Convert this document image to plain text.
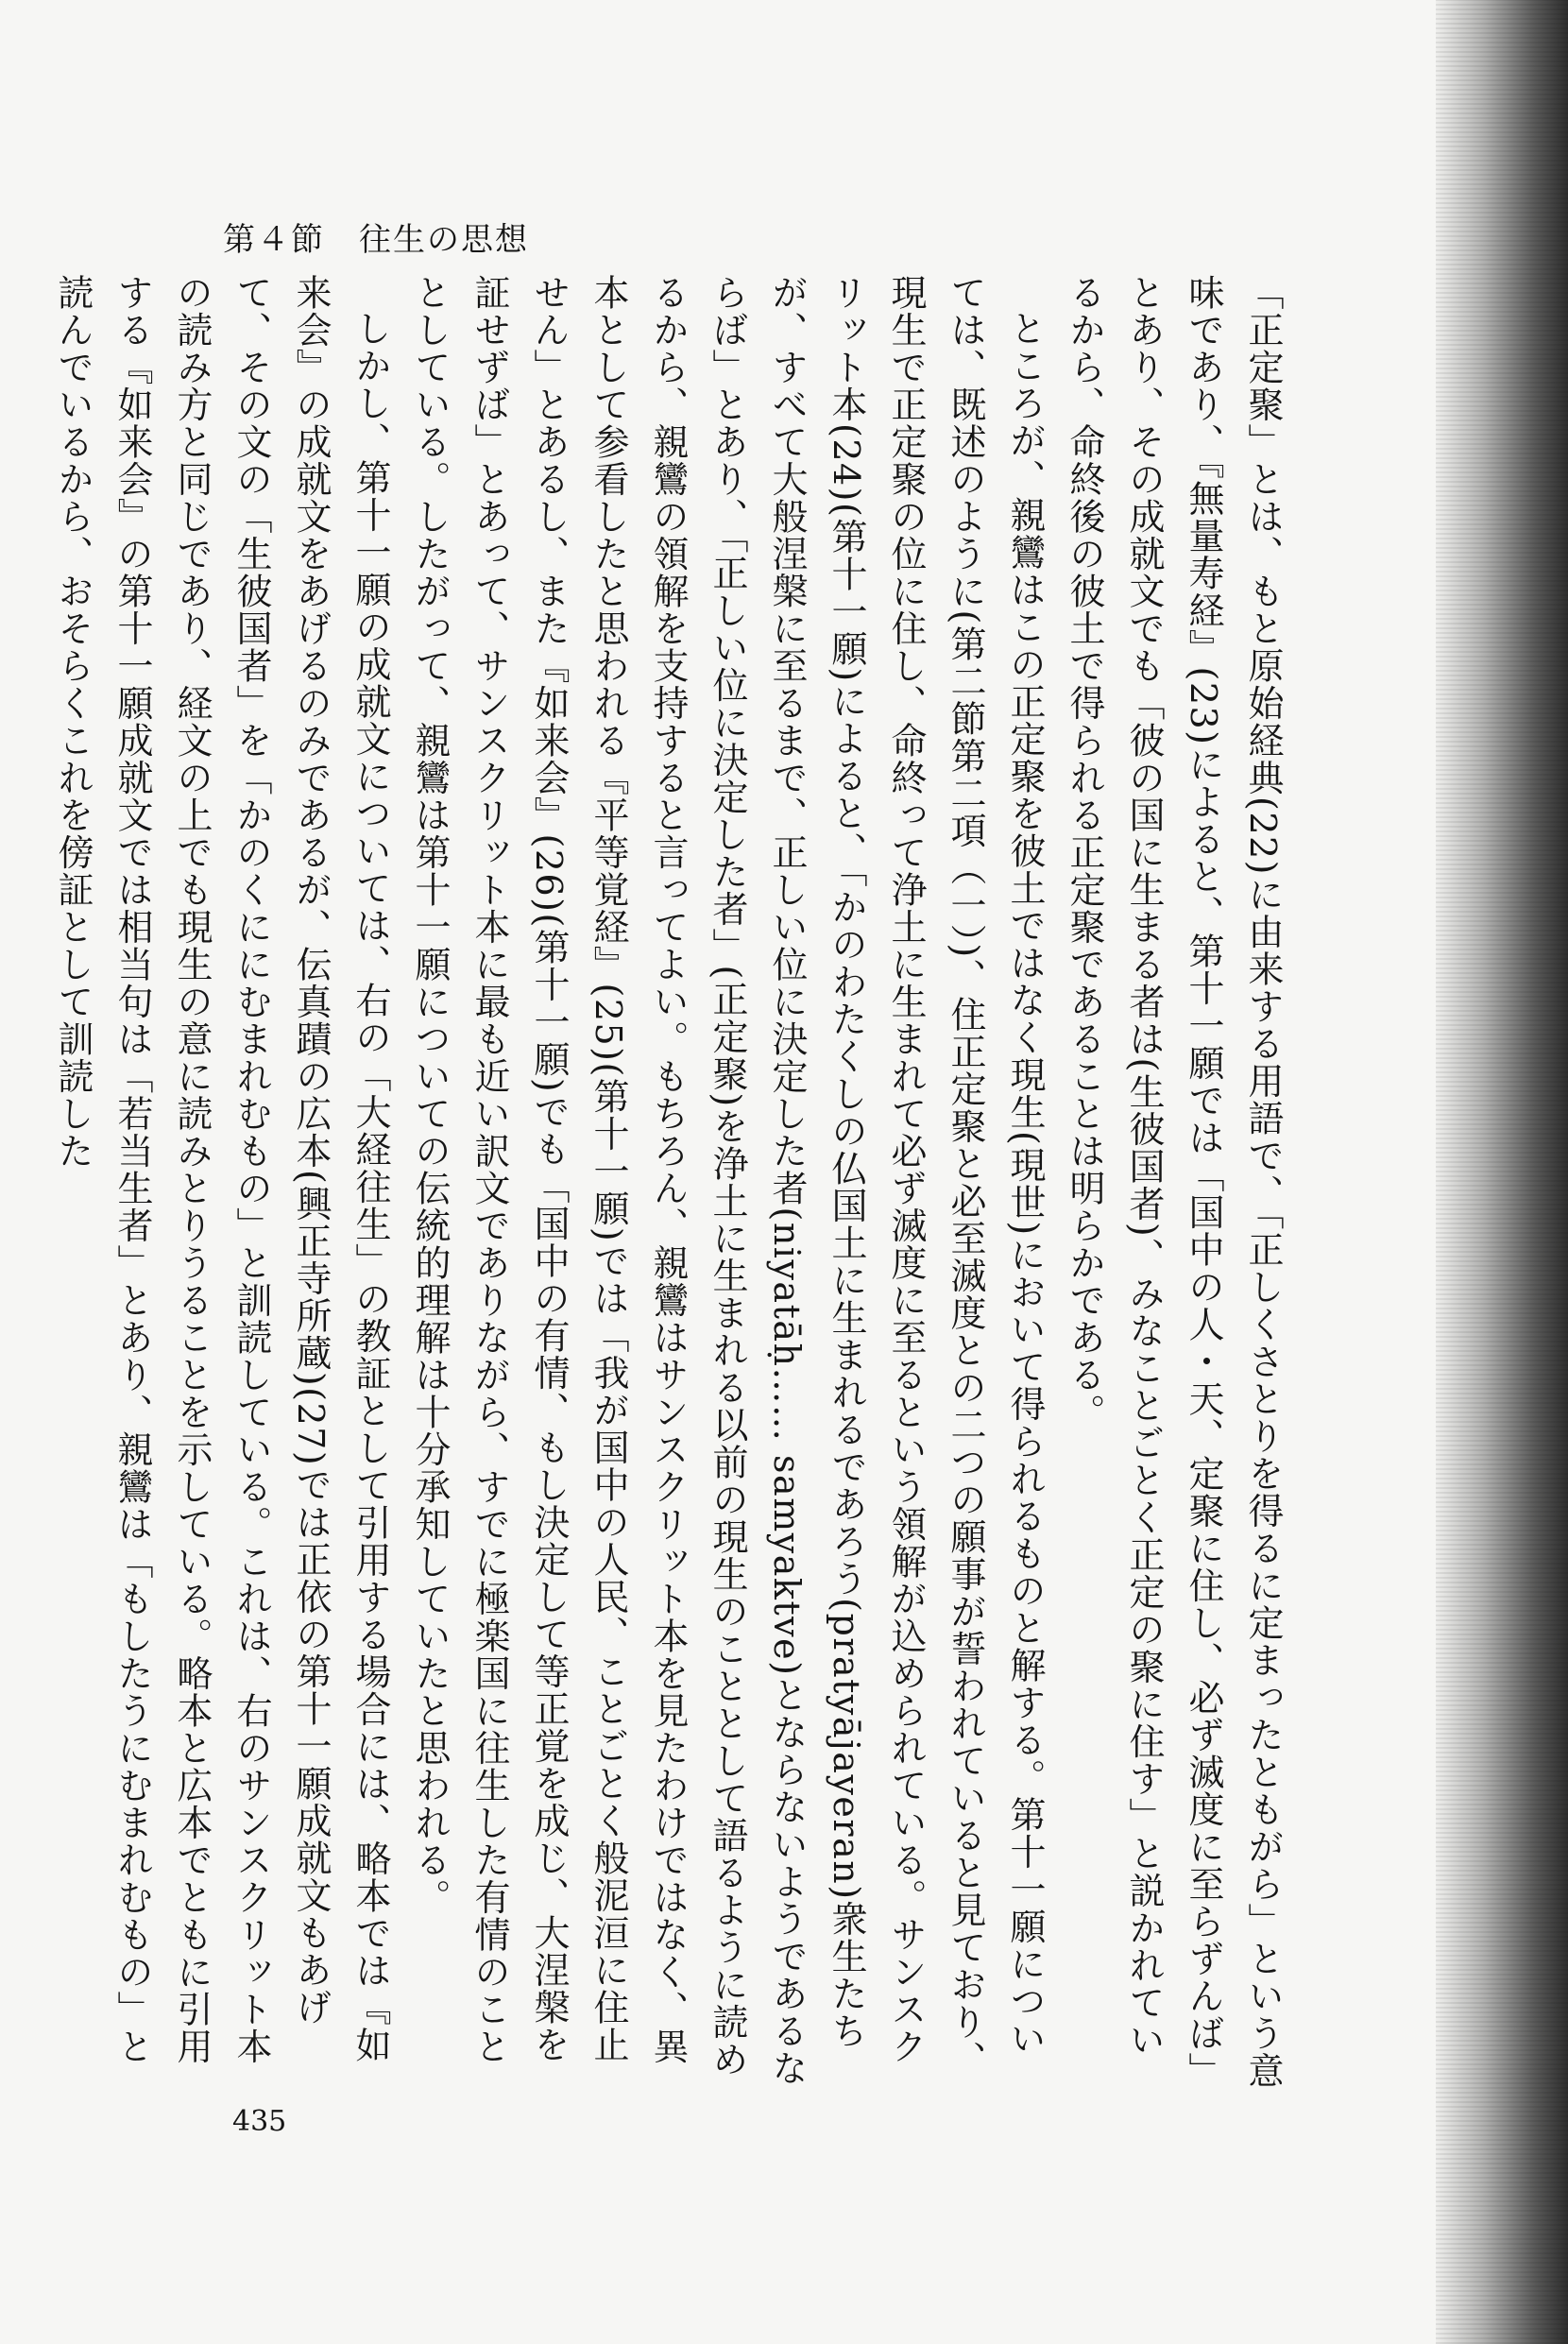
第４節 往生の思想

「正定聚」とは、もと原始経典(22)に由来する用語で、「正しくさとりを得るに定まったともがら」という意味であり、『無量寿経』(23)によると、第十一願では「国中の人・天、定聚に住し、必ず滅度に至らずんば」とあり、その成就文でも「彼の国に生まる者は(生彼国者)、みなことごとく正定の聚に住す」と説かれているから、命終後の彼土で得られる正定聚であることは明らかである。

ところが、親鸞はこの正定聚を彼土ではなく現生(現世)において得られるものと解する。第十一願については、既述のように(第二節第二項（一）)、住正定聚と必至滅度との二つの願事が誓われていると見ており、現生で正定聚の位に住し、命終って浄土に生まれて必ず滅度に至るという領解が込められている。サンスクリット本(24)(第十一願)によると、「かのわたくしの仏国土に生まれるであろう(pratyājayeran)衆生たちが、すべて大般涅槃に至るまで、正しい位に決定した者(niyatāḥ…… samyaktve)とならないようであるならば」とあり、「正しい位に決定した者」(正定聚)を浄土に生まれる以前の現生のこととして語るように読めるから、親鸞の領解を支持すると言ってよい。もちろん、親鸞はサンスクリット本を見たわけではなく、異本として参看したと思われる『平等覚経』(25)(第十一願)では「我が国中の人民、ことごとく般泥洹に住止せん」とあるし、また『如来会』(26)(第十一願)でも「国中の有情、もし決定して等正覚を成じ、大涅槃を証せずば」とあって、サンスクリット本に最も近い訳文でありながら、すでに極楽国に往生した有情のこととしている。したがって、親鸞は第十一願についての伝統的理解は十分承知していたと思われる。

しかし、第十一願の成就文については、右の「大経往生」の教証として引用する場合には、略本では『如来会』の成就文をあげるのみであるが、伝真蹟の広本(興正寺所蔵)(27)では正依の第十一願成就文もあげて、その文の「生彼国者」を「かのくににむまれむもの」と訓読している。これは、右のサンスクリット本の読み方と同じであり、経文の上でも現生の意に読みとりうることを示している。略本と広本でともに引用する『如来会』の第十一願成就文では相当句は「若当生者」とあり、親鸞は「もしたうにむまれむもの」と読んでいるから、おそらくこれを傍証として訓読した

435
